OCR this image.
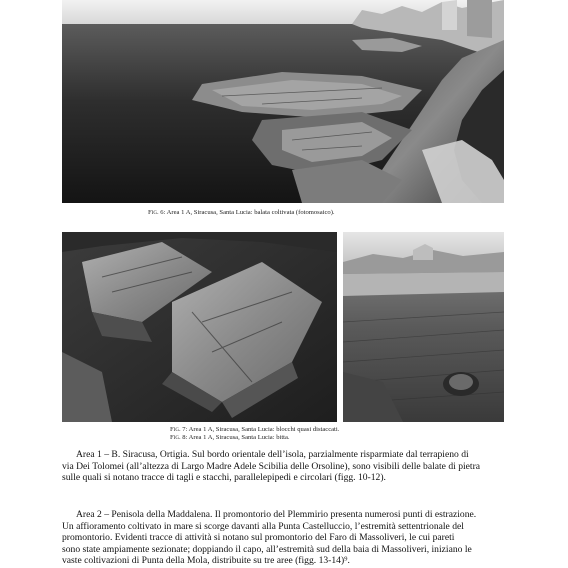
Fig. 6: Area 1 A, Siracusa, Santa Lucia: balata coltivata (fotomosaico).
Fig. 7: Area 1 A, Siracusa, Santa Lucia: blocchi quasi distaccati.
Fig. 8: Area 1 A, Siracusa, Santa Lucia: bitta.
Area 1 – B. Siracusa, Ortigia. Sul bordo orientale dell’isola, parzialmente risparmiate dal terrapieno di
via Dei Tolomei (all’altezza di Largo Madre Adele Scibilia delle Orsoline), sono visibili delle balate di pietra
sulle quali si notano tracce di tagli e stacchi, parallelepipedi e circolari (figg. 10-12).
Area 2 – Penisola della Maddalena. Il promontorio del Plemmirio presenta numerosi punti di estrazione.
Un affioramento coltivato in mare si scorge davanti alla Punta Castelluccio, l’estremità settentrionale del
promontorio. Evidenti tracce di attività si notano sul promontorio del Faro di Massoliveri, le cui pareti
sono state ampiamente sezionate; doppiando il capo, all’estremità sud della baia di Massoliveri, iniziano le
vaste coltivazioni di Punta della Mola, distribuite su tre aree (figg. 13-14)⁹.
